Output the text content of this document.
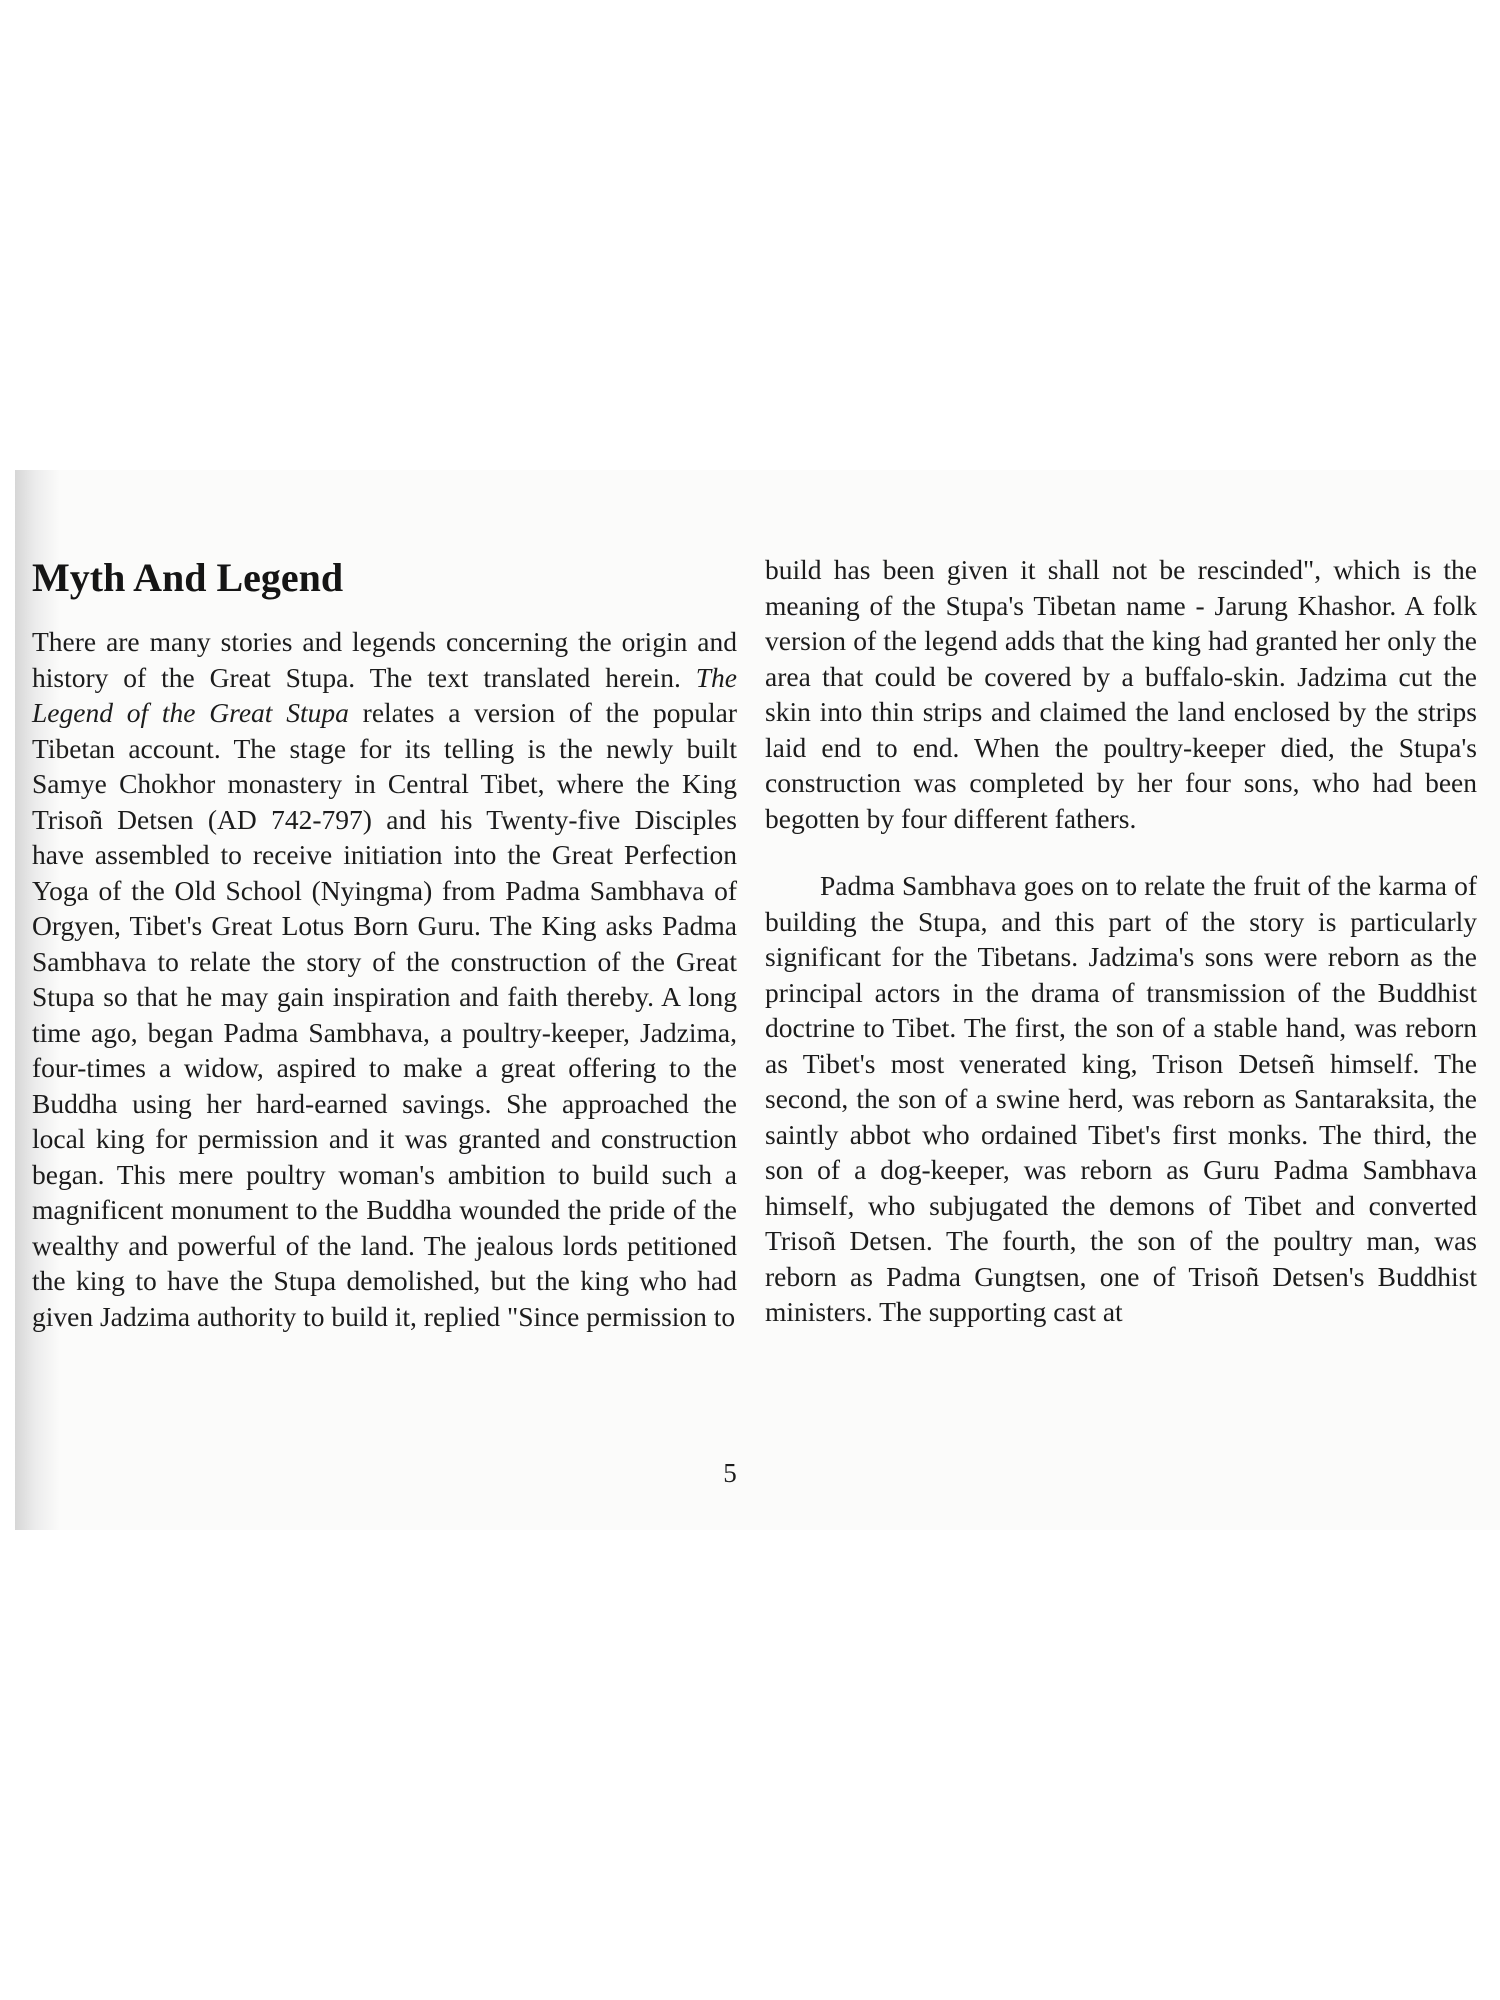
Myth And Legend

There are many stories and legends concerning the origin and history of the Great Stupa. The text translated herein. The Legend of the Great Stupa relates a version of the popular Tibetan account. The stage for its telling is the newly built Samye Chokhor monastery in Central Tibet, where the King Trisoñ Detsen (AD 742-797) and his Twenty-five Disciples have assembled to receive initiation into the Great Perfection Yoga of the Old School (Nyingma) from Padma Sambhava of Orgyen, Tibet's Great Lotus Born Guru. The King asks Padma Sambhava to relate the story of the construction of the Great Stupa so that he may gain inspiration and faith thereby. A long time ago, began Padma Sambhava, a poultry-keeper, Jadzima, four-times a widow, aspired to make a great offering to the Buddha using her hard-earned savings. She approached the local king for permission and it was granted and construction began. This mere poultry woman's ambition to build such a magnificent monument to the Buddha wounded the pride of the wealthy and powerful of the land. The jealous lords petitioned the king to have the Stupa demolished, but the king who had given Jadzima authority to build it, replied "Since permission to

build has been given it shall not be rescinded", which is the meaning of the Stupa's Tibetan name - Jarung Khashor. A folk version of the legend adds that the king had granted her only the area that could be covered by a buffalo-skin. Jadzima cut the skin into thin strips and claimed the land enclosed by the strips laid end to end. When the poultry-keeper died, the Stupa's construction was completed by her four sons, who had been begotten by four different fathers.

Padma Sambhava goes on to relate the fruit of the karma of building the Stupa, and this part of the story is particularly significant for the Tibetans. Jadzima's sons were reborn as the principal actors in the drama of transmission of the Buddhist doctrine to Tibet. The first, the son of a stable hand, was reborn as Tibet's most venerated king, Trison Detseñ himself. The second, the son of a swine herd, was reborn as Santaraksita, the saintly abbot who ordained Tibet's first monks. The third, the son of a dog-keeper, was reborn as Guru Padma Sambhava himself, who subjugated the demons of Tibet and converted Trisoñ Detsen. The fourth, the son of the poultry man, was reborn as Padma Gungtsen, one of Trisoñ Detsen's Buddhist ministers. The supporting cast at

5
